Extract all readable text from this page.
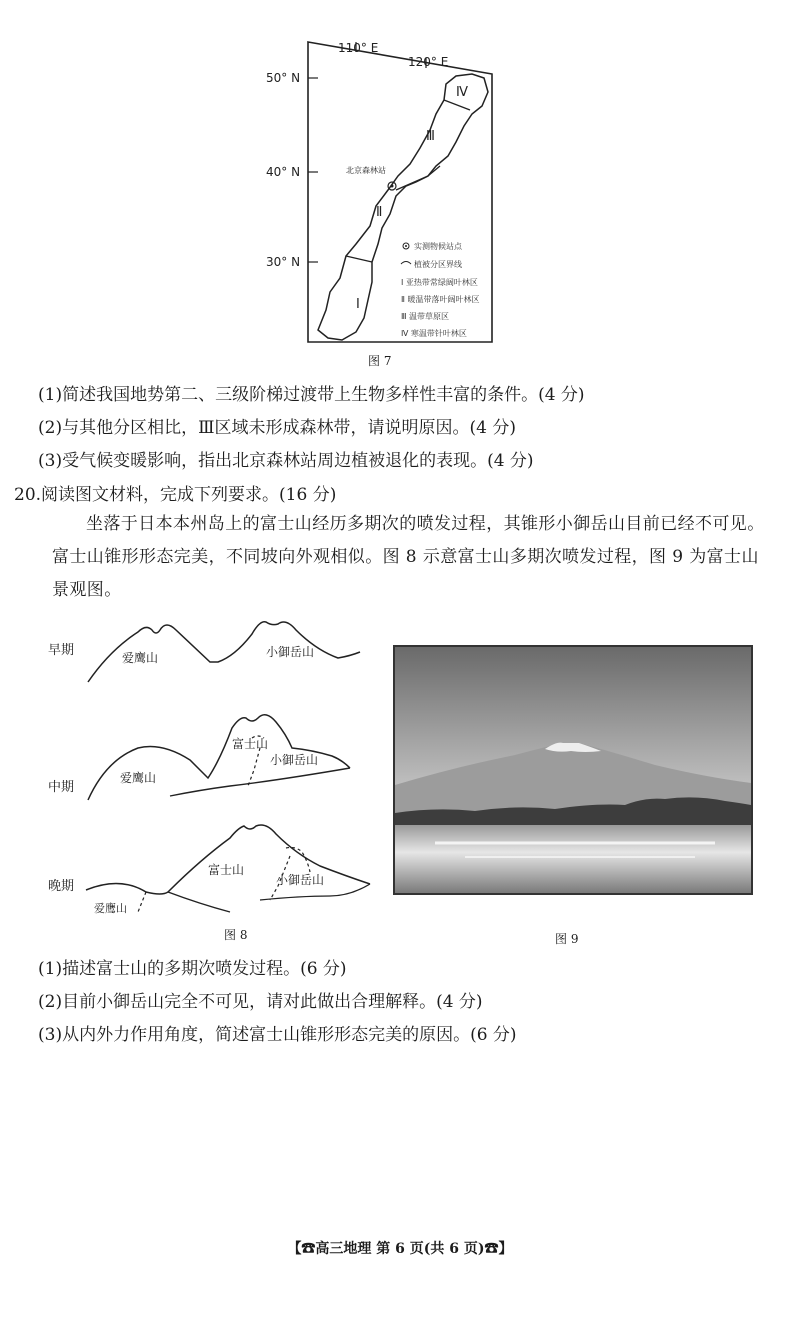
110° E
120° E
50° N
40° N
30° N
北京森林站
Ⅰ
Ⅱ
Ⅲ
Ⅳ
实测物候站点
植被分区界线
Ⅰ 亚热带常绿阔叶林区
Ⅱ 暖温带落叶阔叶林区
Ⅲ 温带草原区
Ⅳ 寒温带针叶林区
图 7
(1)简述我国地势第二、三级阶梯过渡带上生物多样性丰富的条件。(4 分)
(2)与其他分区相比，Ⅲ区域未形成森林带，请说明原因。(4 分)
(3)受气候变暖影响，指出北京森林站周边植被退化的表现。(4 分)
20.阅读图文材料，完成下列要求。(16 分)
坐落于日本本州岛上的富士山经历多期次的喷发过程，其锥形小御岳山目前已经不可见。富士山锥形形态完美，不同坡向外观相似。图 8 示意富士山多期次喷发过程，图 9 为富士山景观图。
早期
中期
晚期
爱鹰山	小御岳山
爱鹰山
富士山
小御岳山
富士山
小御岳山
爱鹰山
图 8	图 9
(1)描述富士山的多期次喷发过程。(6 分)
(2)目前小御岳山完全不可见，请对此做出合理解释。(4 分)
(3)从内外力作用角度，简述富士山锥形形态完美的原因。(6 分)
【☎高三地理 第 6 页(共 6 页)☎】
